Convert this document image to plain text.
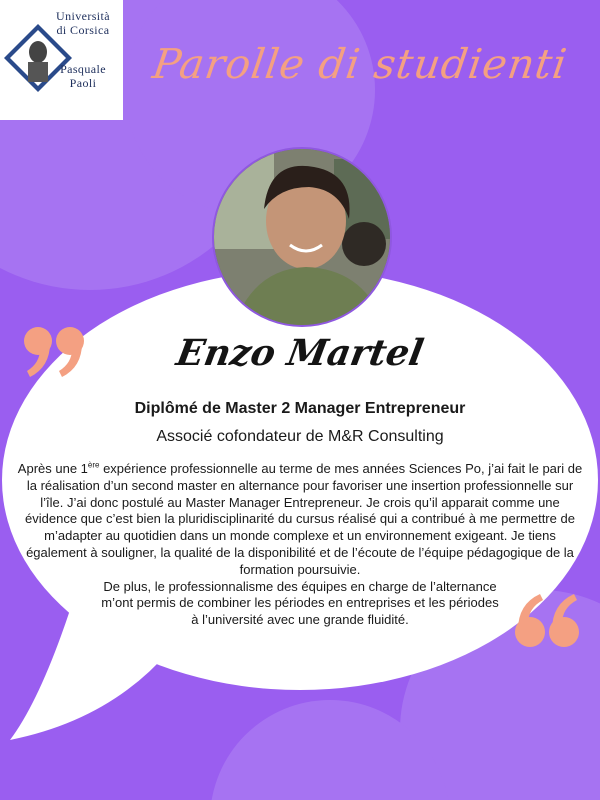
Università
di Corsica
Pasquale
Paoli	Parolle di studienti
Enzo Martel
Diplômé de Master 2 Manager Entrepreneur
Associé cofondateur de M&R Consulting
Après une 1ère expérience professionnelle au terme de mes années Sciences Po, j’ai fait le pari de la réalisation d’un second master en alternance pour favoriser une insertion professionnelle sur l’île. J’ai donc postulé au Master Manager Entrepreneur. Je crois qu’il apparait comme une évidence que c’est bien la pluridisciplinarité du cursus réalisé qui a contribué à me permettre de m’adapter au quotidien dans un monde complexe et un environnement exigeant. Je tiens également à souligner, la qualité de la disponibilité et de l’écoute de l’équipe pédagogique de la formation poursuivie.
De plus, le professionnalisme des équipes en charge de l’alternance
m’ont permis de combiner les périodes en entreprises et les périodes
à l’université avec une grande fluidité.
